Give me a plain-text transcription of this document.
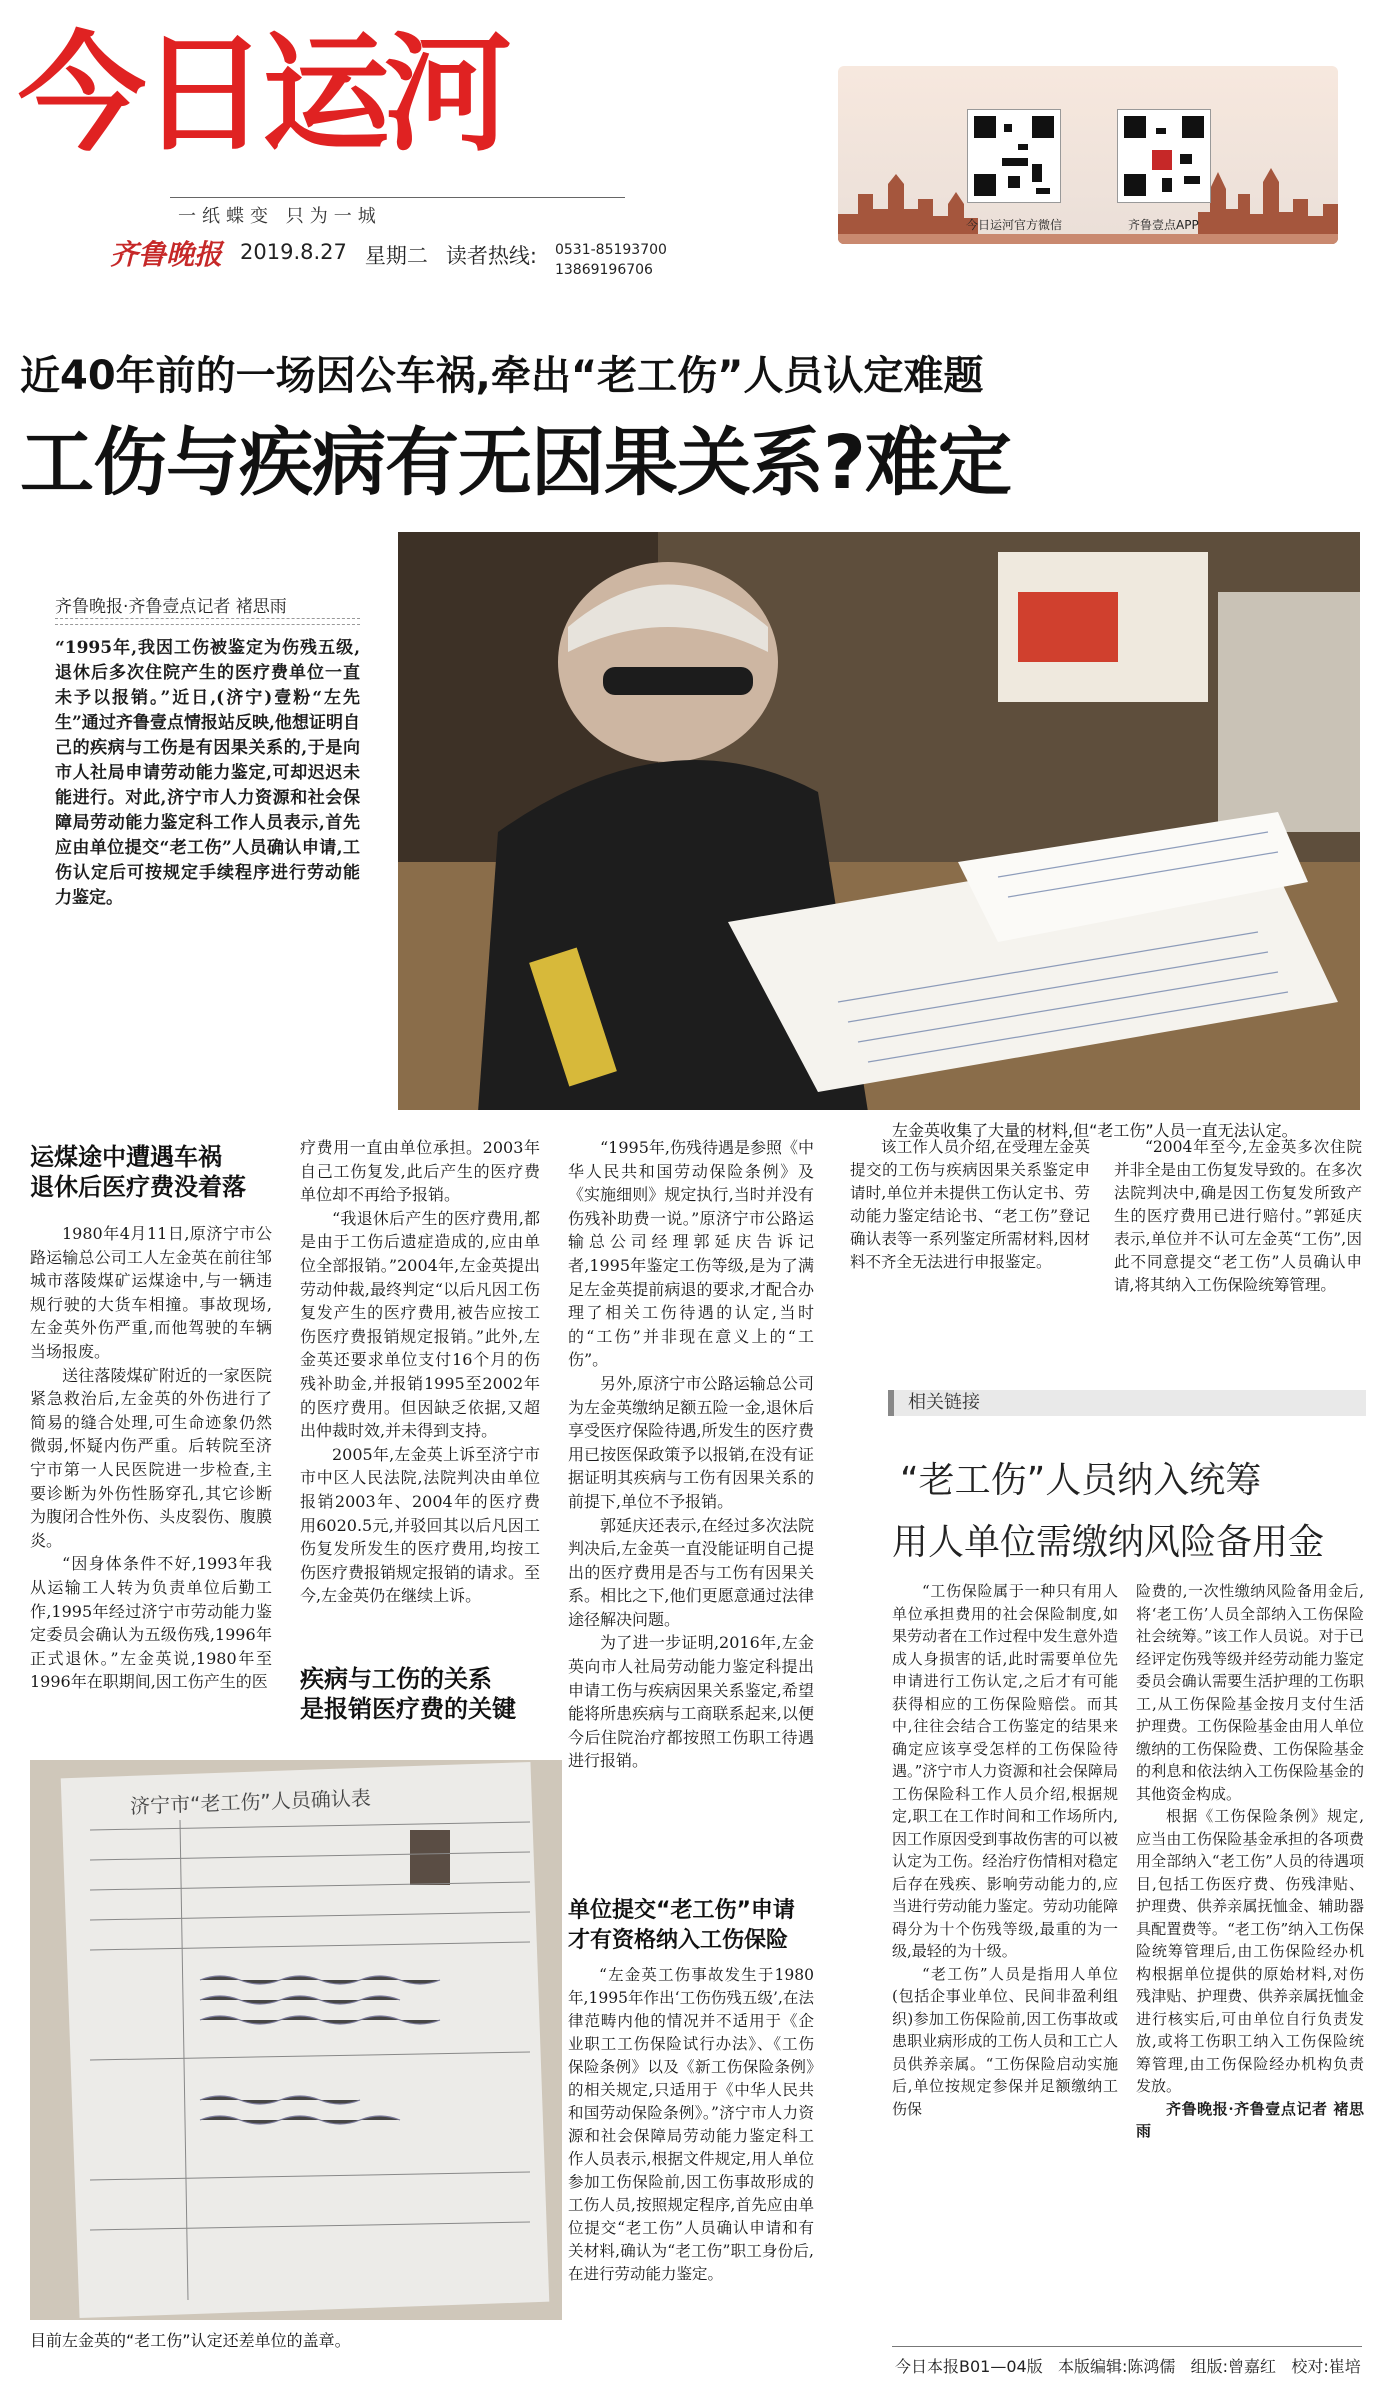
今日运河
一纸蝶变 只为一城
齐鲁晚报 2019.8.27 星期二 读者热线: 0531-85193700
13869196706
今日运河官方微信	齐鲁壹点APP
近40年前的一场因公车祸,牵出“老工伤”人员认定难题
工伤与疾病有无因果关系?难定
齐鲁晚报·齐鲁壹点记者 褚思雨
“1995年,我因工伤被鉴定为伤残五级,退休后多次住院产生的医疗费单位一直未予以报销。”近日,(济宁)壹粉“左先生”通过齐鲁壹点情报站反映,他想证明自己的疾病与工伤是有因果关系的,于是向市人社局申请劳动能力鉴定,可却迟迟未能进行。对此,济宁市人力资源和社会保障局劳动能力鉴定科工作人员表示,首先应由单位提交“老工伤”人员确认申请,工伤认定后可按规定手续程序进行劳动能力鉴定。
左金英收集了大量的材料,但“老工伤”人员一直无法认定。
运煤途中遭遇车祸
退休后医疗费没着落

1980年4月11日,原济宁市公路运输总公司工人左金英在前往邹城市落陵煤矿运煤途中,与一辆违规行驶的大货车相撞。事故现场,左金英外伤严重,而他驾驶的车辆当场报废。

送往落陵煤矿附近的一家医院紧急救治后,左金英的外伤进行了简易的缝合处理,可生命迹象仍然微弱,怀疑内伤严重。后转院至济宁市第一人民医院进一步检查,主要诊断为外伤性肠穿孔,其它诊断为腹闭合性外伤、头皮裂伤、腹膜炎。

“因身体条件不好,1993年我从运输工人转为负责单位后勤工作,1995年经过济宁市劳动能力鉴定委员会确认为五级伤残,1996年正式退休。”左金英说,1980年至1996年在职期间,因工伤产生的医

疗费用一直由单位承担。2003年自己工伤复发,此后产生的医疗费单位却不再给予报销。

“我退休后产生的医疗费用,都是由于工伤后遗症造成的,应由单位全部报销。”2004年,左金英提出劳动仲裁,最终判定“以后凡因工伤复发产生的医疗费用,被告应按工伤医疗费报销规定报销。”此外,左金英还要求单位支付16个月的伤残补助金,并报销1995至2002年的医疗费用。但因缺乏依据,又超出仲裁时效,并未得到支持。

2005年,左金英上诉至济宁市市中区人民法院,法院判决由单位报销2003年、2004年的医疗费用6020.5元,并驳回其以后凡因工伤复发所发生的医疗费用,均按工伤医疗费报销规定报销的请求。至今,左金英仍在继续上诉。

疾病与工伤的关系
是报销医疗费的关键
济宁市“老工伤”人员确认表
目前左金英的“老工伤”认定还差单位的盖章。

“1995年,伤残待遇是参照《中华人民共和国劳动保险条例》及《实施细则》规定执行,当时并没有伤残补助费一说。”原济宁市公路运输总公司经理郭延庆告诉记者,1995年鉴定工伤等级,是为了满足左金英提前病退的要求,才配合办理了相关工伤待遇的认定,当时的“工伤”并非现在意义上的“工伤”。

另外,原济宁市公路运输总公司为左金英缴纳足额五险一金,退休后享受医疗保险待遇,所发生的医疗费用已按医保政策予以报销,在没有证据证明其疾病与工伤有因果关系的前提下,单位不予报销。

郭延庆还表示,在经过多次法院判决后,左金英一直没能证明自己提出的医疗费用是否与工伤有因果关系。相比之下,他们更愿意通过法律途径解决问题。

为了进一步证明,2016年,左金英向市人社局劳动能力鉴定科提出申请工伤与疾病因果关系鉴定,希望能将所患疾病与工商联系起来,以便今后住院治疗都按照工伤职工待遇进行报销。

单位提交“老工伤”申请
才有资格纳入工伤保险

“左金英工伤事故发生于1980年,1995年作出‘工伤伤残五级’,在法律范畴内他的情况并不适用于《企业职工工伤保险试行办法》、《工伤保险条例》以及《新工伤保险条例》的相关规定,只适用于《中华人民共和国劳动保险条例》。”济宁市人力资源和社会保障局劳动能力鉴定科工作人员表示,根据文件规定,用人单位参加工伤保险前,因工伤事故形成的工伤人员,按照规定程序,首先应由单位提交“老工伤”人员确认申请和有关材料,确认为“老工伤”职工身份后,在进行劳动能力鉴定。

该工作人员介绍,在受理左金英提交的工伤与疾病因果关系鉴定申请时,单位并未提供工伤认定书、劳动能力鉴定结论书、“老工伤”登记确认表等一系列鉴定所需材料,因材料不齐全无法进行申报鉴定。

“2004年至今,左金英多次住院并非全是由工伤复发导致的。在多次法院判决中,确是因工伤复发所致产生的医疗费用已进行赔付。”郭延庆表示,单位并不认可左金英“工伤”,因此不同意提交“老工伤”人员确认申请,将其纳入工伤保险统筹管理。

相关链接
“老工伤”人员纳入统筹
用人单位需缴纳风险备用金

“工伤保险属于一种只有用人单位承担费用的社会保险制度,如果劳动者在工作过程中发生意外造成人身损害的话,此时需要单位先申请进行工伤认定,之后才有可能获得相应的工伤保险赔偿。而其中,往往会结合工伤鉴定的结果来确定应该享受怎样的工伤保险待遇。”济宁市人力资源和社会保障局工伤保险科工作人员介绍,根据规定,职工在工作时间和工作场所内,因工作原因受到事故伤害的可以被认定为工伤。经治疗伤情相对稳定后存在残疾、影响劳动能力的,应当进行劳动能力鉴定。劳动功能障碍分为十个伤残等级,最重的为一级,最轻的为十级。

“老工伤”人员是指用人单位(包括企事业单位、民间非盈利组织)参加工伤保险前,因工伤事故或患职业病形成的工伤人员和工亡人员供养亲属。“工伤保险启动实施后,单位按规定参保并足额缴纳工伤保

险费的,一次性缴纳风险备用金后,将‘老工伤’人员全部纳入工伤保险社会统筹。”该工作人员说。对于已经评定伤残等级并经劳动能力鉴定委员会确认需要生活护理的工伤职工,从工伤保险基金按月支付生活护理费。工伤保险基金由用人单位缴纳的工伤保险费、工伤保险基金的利息和依法纳入工伤保险基金的其他资金构成。

根据《工伤保险条例》规定,应当由工伤保险基金承担的各项费用全部纳入“老工伤”人员的待遇项目,包括工伤医疗费、伤残津贴、护理费、供养亲属抚恤金、辅助器具配置费等。“老工伤”纳入工伤保险统筹管理后,由工伤保险经办机构根据单位提供的原始材料,对伤残津贴、护理费、供养亲属抚恤金进行核实后,可由单位自行负责发放,或将工伤职工纳入工伤保险统筹管理,由工伤保险经办机构负责发放。

齐鲁晚报·齐鲁壹点记者 褚思雨

今日本报B01—04版 本版编辑:陈鸿儒 组版:曾嘉红 校对:崔培
